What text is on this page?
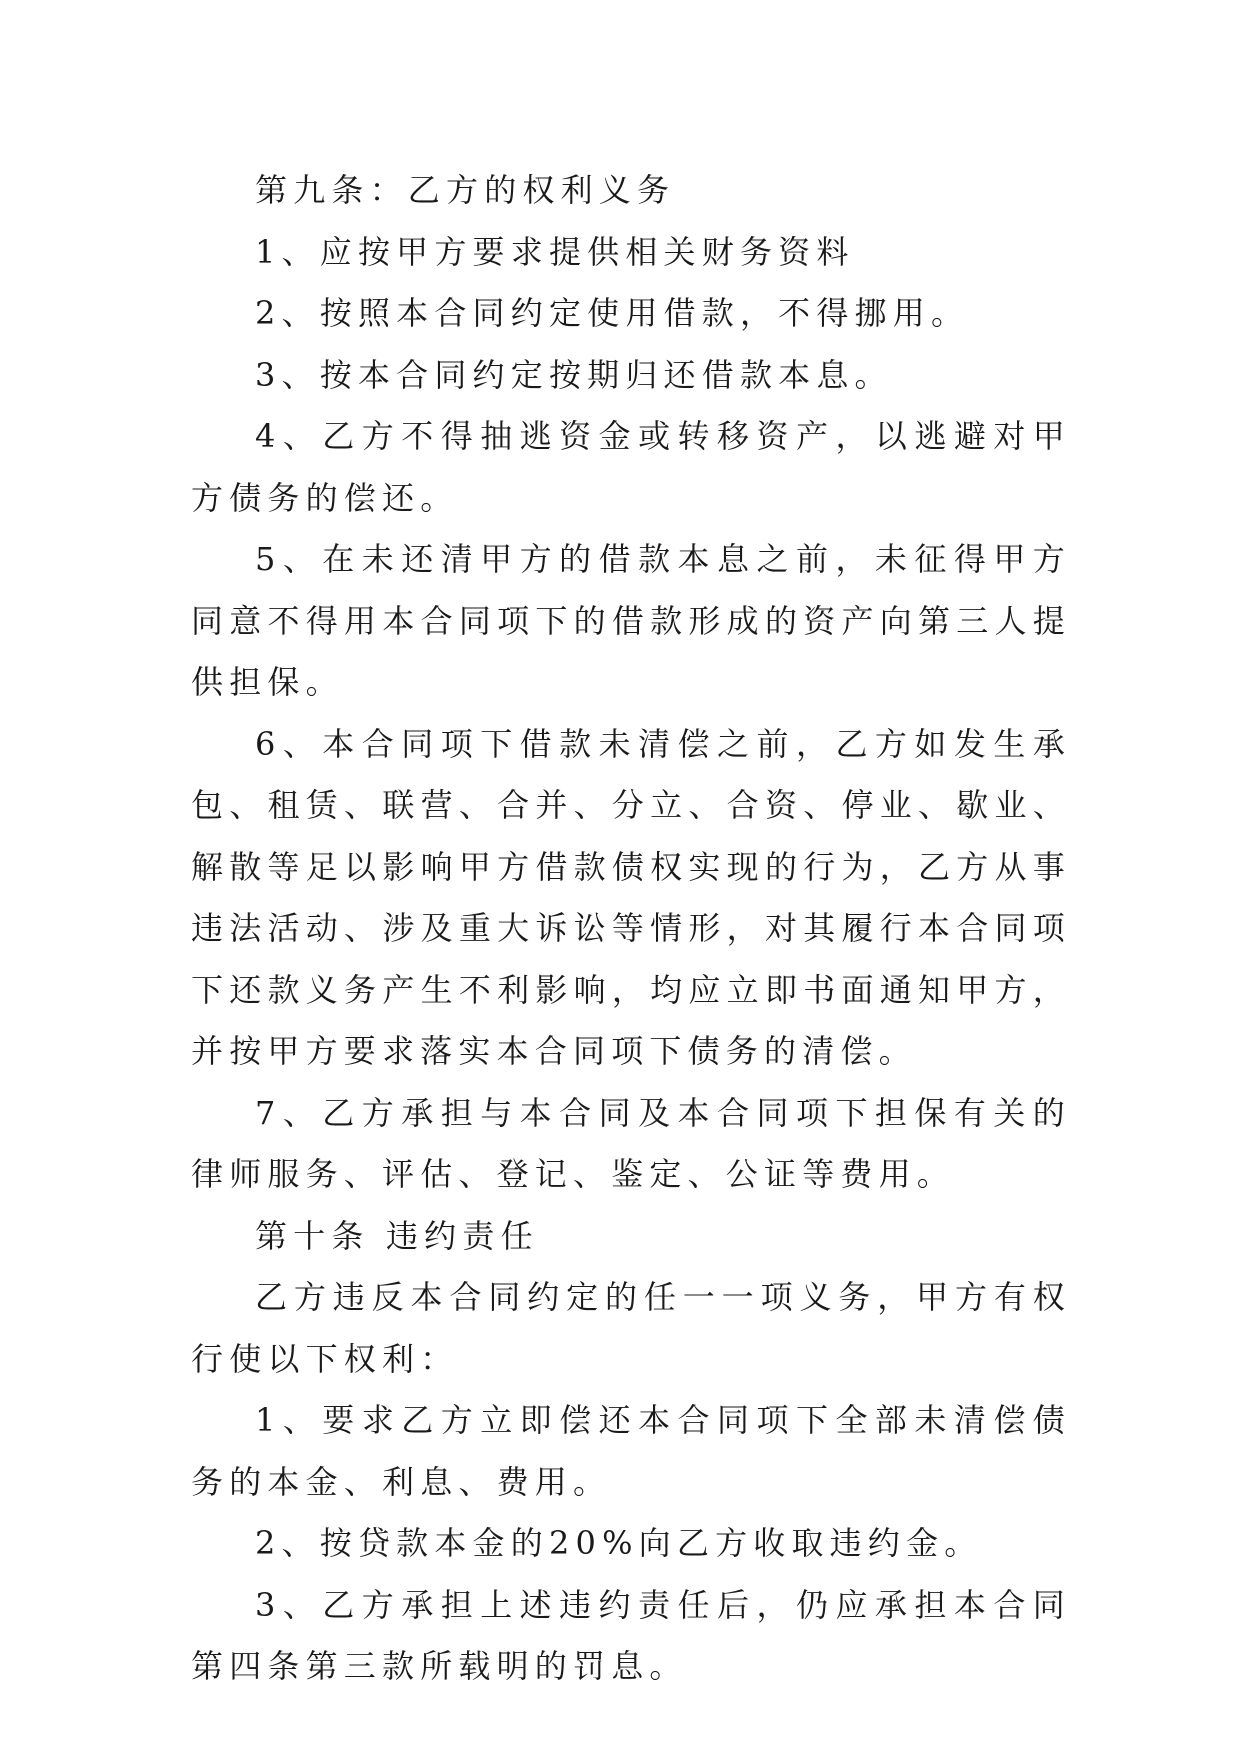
第九条：乙方的权利义务

1、应按甲方要求提供相关财务资料

2、按照本合同约定使用借款，不得挪用。

3、按本合同约定按期归还借款本息。

4、乙方不得抽逃资金或转移资产，以逃避对甲方债务的偿还。

5、在未还清甲方的借款本息之前，未征得甲方同意不得用本合同项下的借款形成的资产向第三人提供担保。

6、本合同项下借款未清偿之前，乙方如发生承包、租赁、联营、合并、分立、合资、停业、歇业、解散等足以影响甲方借款债权实现的行为，乙方从事违法活动、涉及重大诉讼等情形，对其履行本合同项下还款义务产生不利影响，均应立即书面通知甲方，并按甲方要求落实本合同项下债务的清偿。

7、乙方承担与本合同及本合同项下担保有关的律师服务、评估、登记、鉴定、公证等费用。

第十条 违约责任

乙方违反本合同约定的任一一项义务，甲方有权行使以下权利：

1、要求乙方立即偿还本合同项下全部未清偿债务的本金、利息、费用。

2、按贷款本金的20%向乙方收取违约金。

3、乙方承担上述违约责任后，仍应承担本合同第四条第三款所载明的罚息。
